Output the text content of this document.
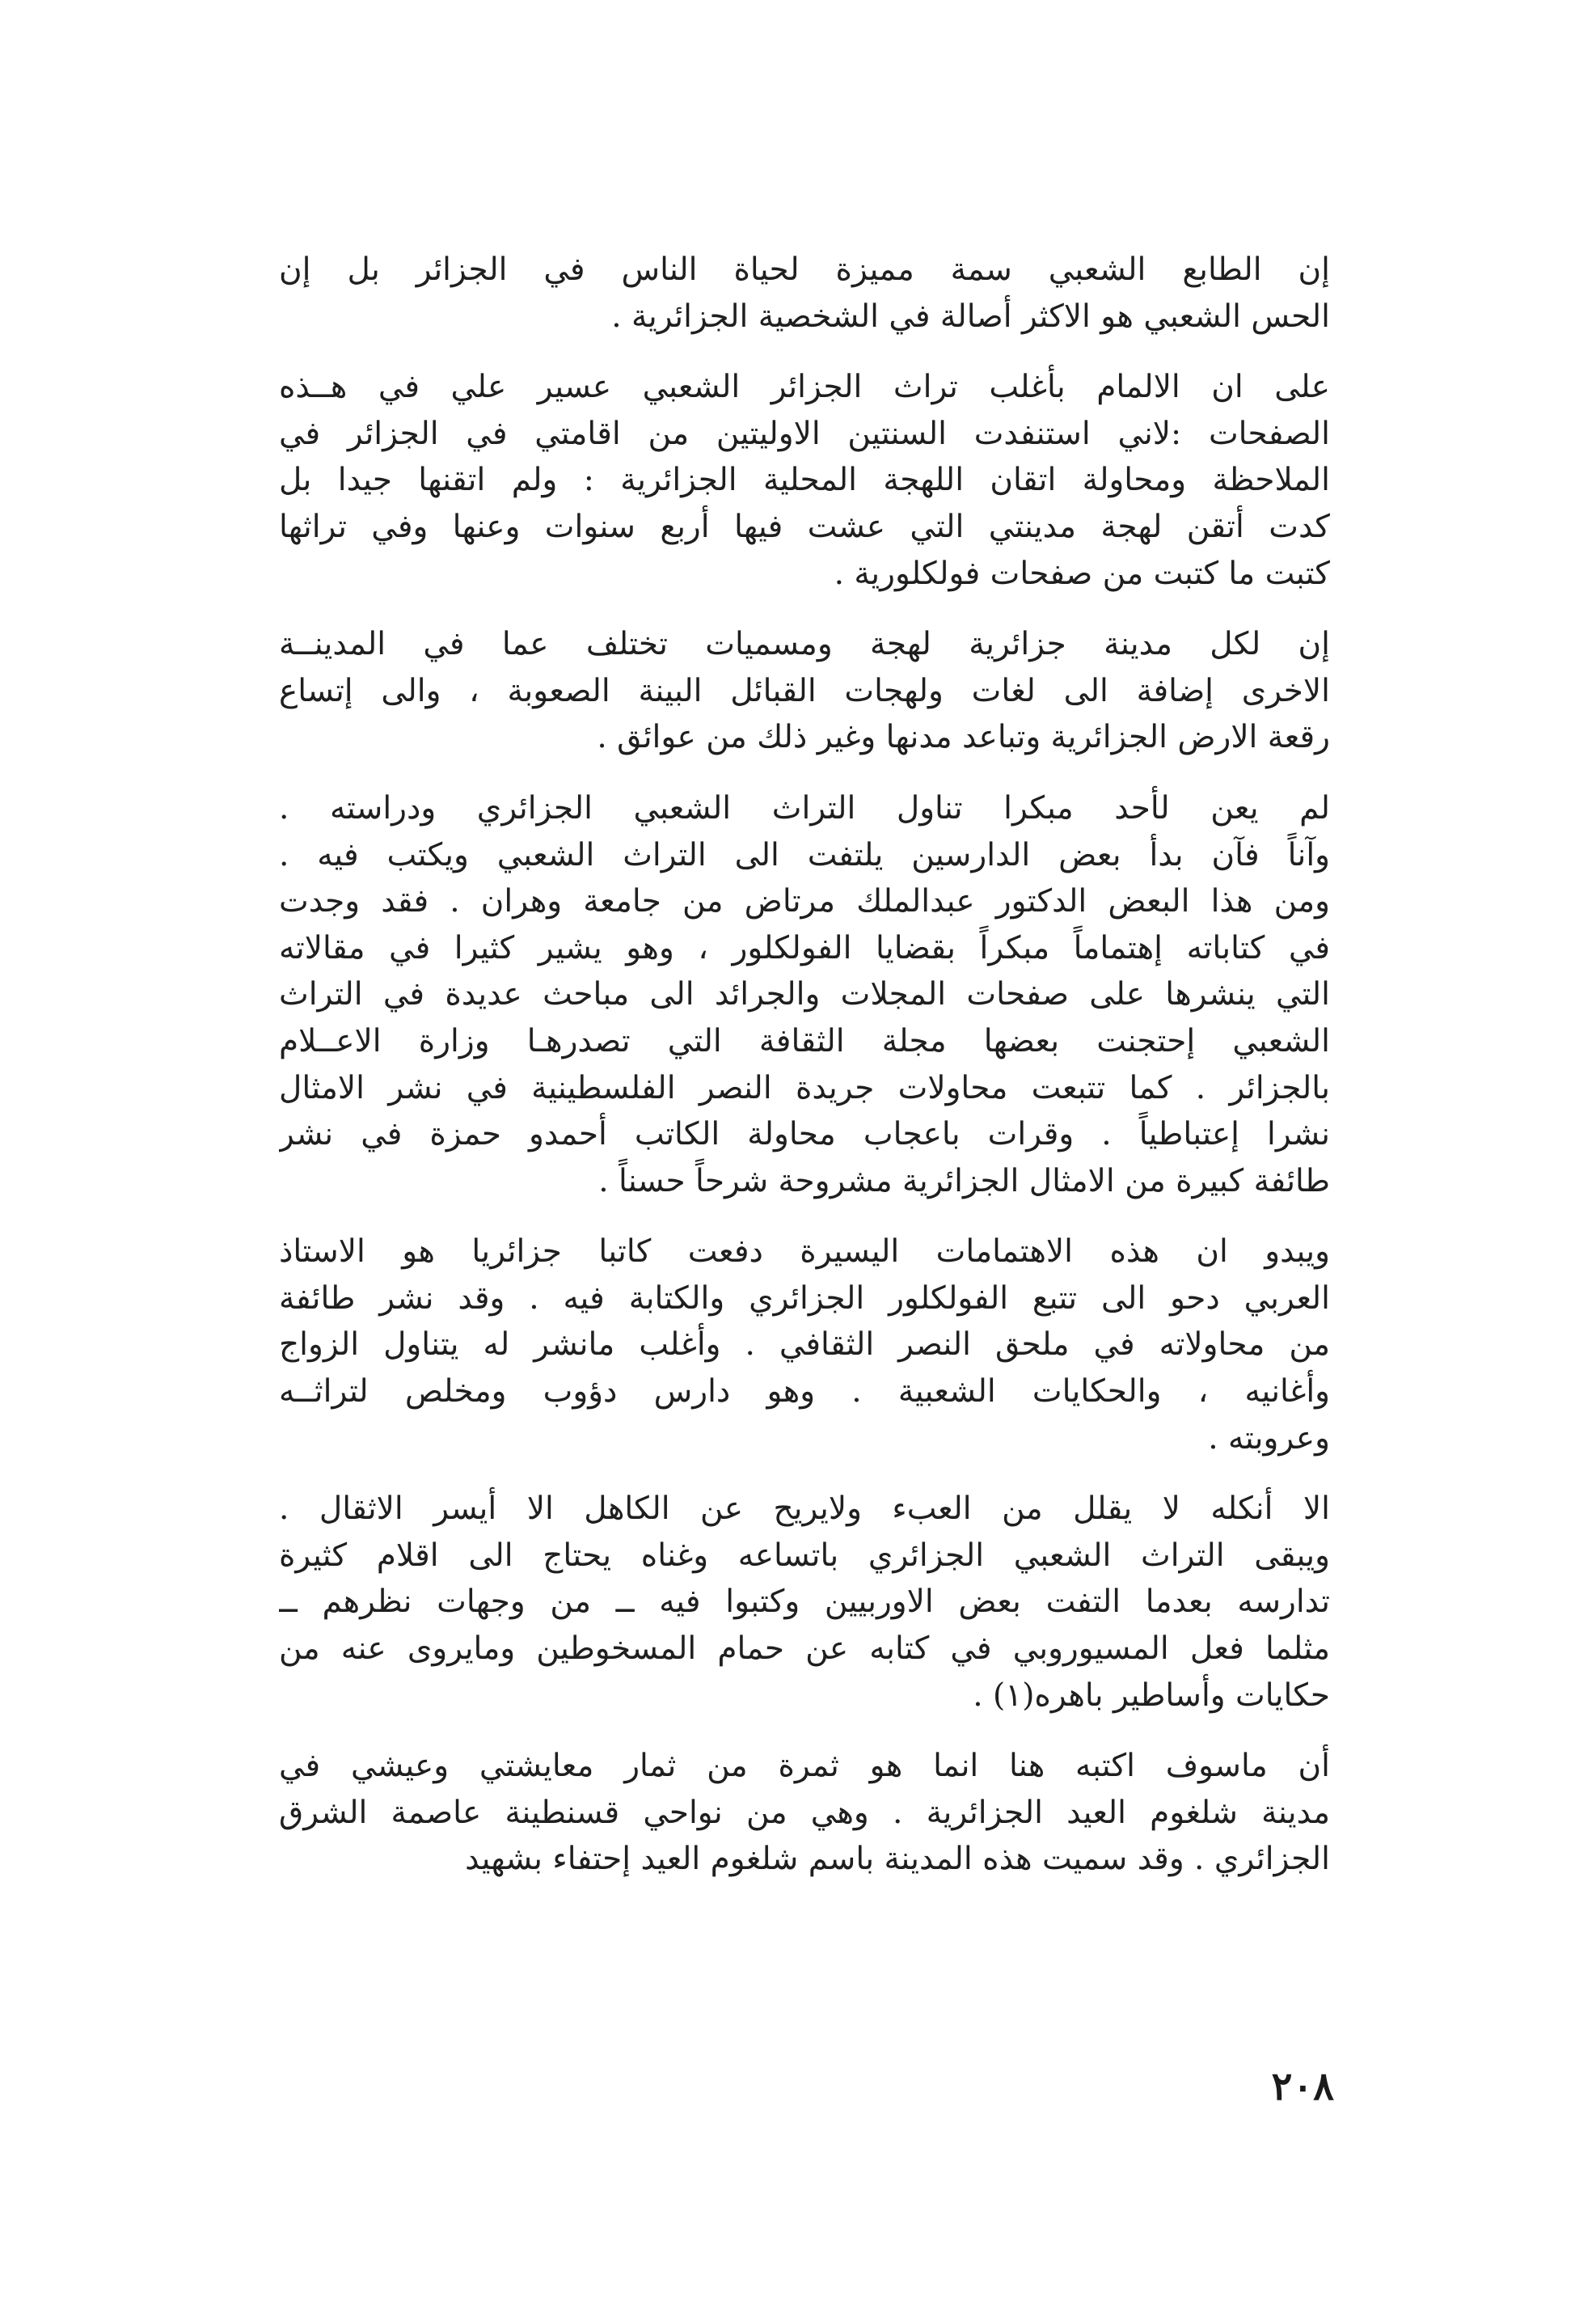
إن الطابع الشعبي سمة مميزة لحياة الناس في الجزائر بل إن
الحس الشعبي هو الاكثر أصالة في الشخصية الجزائرية .
على ان الالمام بأغلب تراث الجزائر الشعبي عسير علي في هــذه
الصفحات :لاني استنفدت السنتين الاوليتين من اقامتي في الجزائر في
الملاحظة ومحاولة اتقان اللهجة المحلية الجزائرية : ولم اتقنها جيدا بل
كدت أتقن لهجة مدينتي التي عشت فيها أربع سنوات وعنها وفي تراثها
كتبت ما كتبت من صفحات فولكلورية .
إن لكل مدينة جزائرية لهجة ومسميات تختلف عما في المدينــة
الاخرى إضافة الى لغات ولهجات القبائل البينة الصعوبة ، والى إتساع
رقعة الارض الجزائرية وتباعد مدنها وغير ذلك من عوائق .
لم يعن لأحد مبكرا تناول التراث الشعبي الجزائري ودراسته .
وآناً فآن بدأ بعض الدارسين يلتفت الى التراث الشعبي ويكتب فيه .
ومن هذا البعض الدكتور عبدالملك مرتاض من جامعة وهران . فقد وجدت
في كتاباته إهتماماً مبكراً بقضايا الفولكلور ، وهو يشير كثيرا في مقالاته
التي ينشرها على صفحات المجلات والجرائد الى مباحث عديدة في التراث
الشعبي إحتجنت بعضها مجلة الثقافة التي تصدرهـا وزارة الاعــلام
بالجزائر . كما تتبعت محاولات جريدة النصر الفلسطينية في نشر الامثال
نشرا إعتباطياً . وقرات باعجاب محاولة الكاتب أحمدو حمزة في نشر
طائفة كبيرة من الامثال الجزائرية مشروحة شرحاً حسناً .
ويبدو ان هذه الاهتمامات اليسيرة دفعت كاتبا جزائريا هو الاستاذ
العربي دحو الى تتبع الفولكلور الجزائري والكتابة فيه . وقد نشر طائفة
من محاولاته في ملحق النصر الثقافي . وأغلب مانشر له يتناول الزواج
وأغانيه ، والحكايات الشعبية . وهو دارس دؤوب ومخلص لتراثــه
وعروبته .
الا أنكله لا يقلل من العبء ولايريح عن الكاهل الا أيسر الاثقال .
ويبقى التراث الشعبي الجزائري باتساعه وغناه يحتاج الى اقلام كثيرة
تدارسه بعدما التفت بعض الاوربيين وكتبوا فيه ــ من وجهات نظرهم ــ
مثلما فعل المسيوروبي في كتابه عن حمام المسخوطين ومايروى عنه من
حكايات وأساطير باهره(١) .
أن ماسوف اكتبه هنا انما هو ثمرة من ثمار معايشتي وعيشي في
مدينة شلغوم العيد الجزائرية . وهي من نواحي قسنطينة عاصمة الشرق
الجزائري . وقد سميت هذه المدينة باسم شلغوم العيد إحتفاء بشهيد
٢٠٨
